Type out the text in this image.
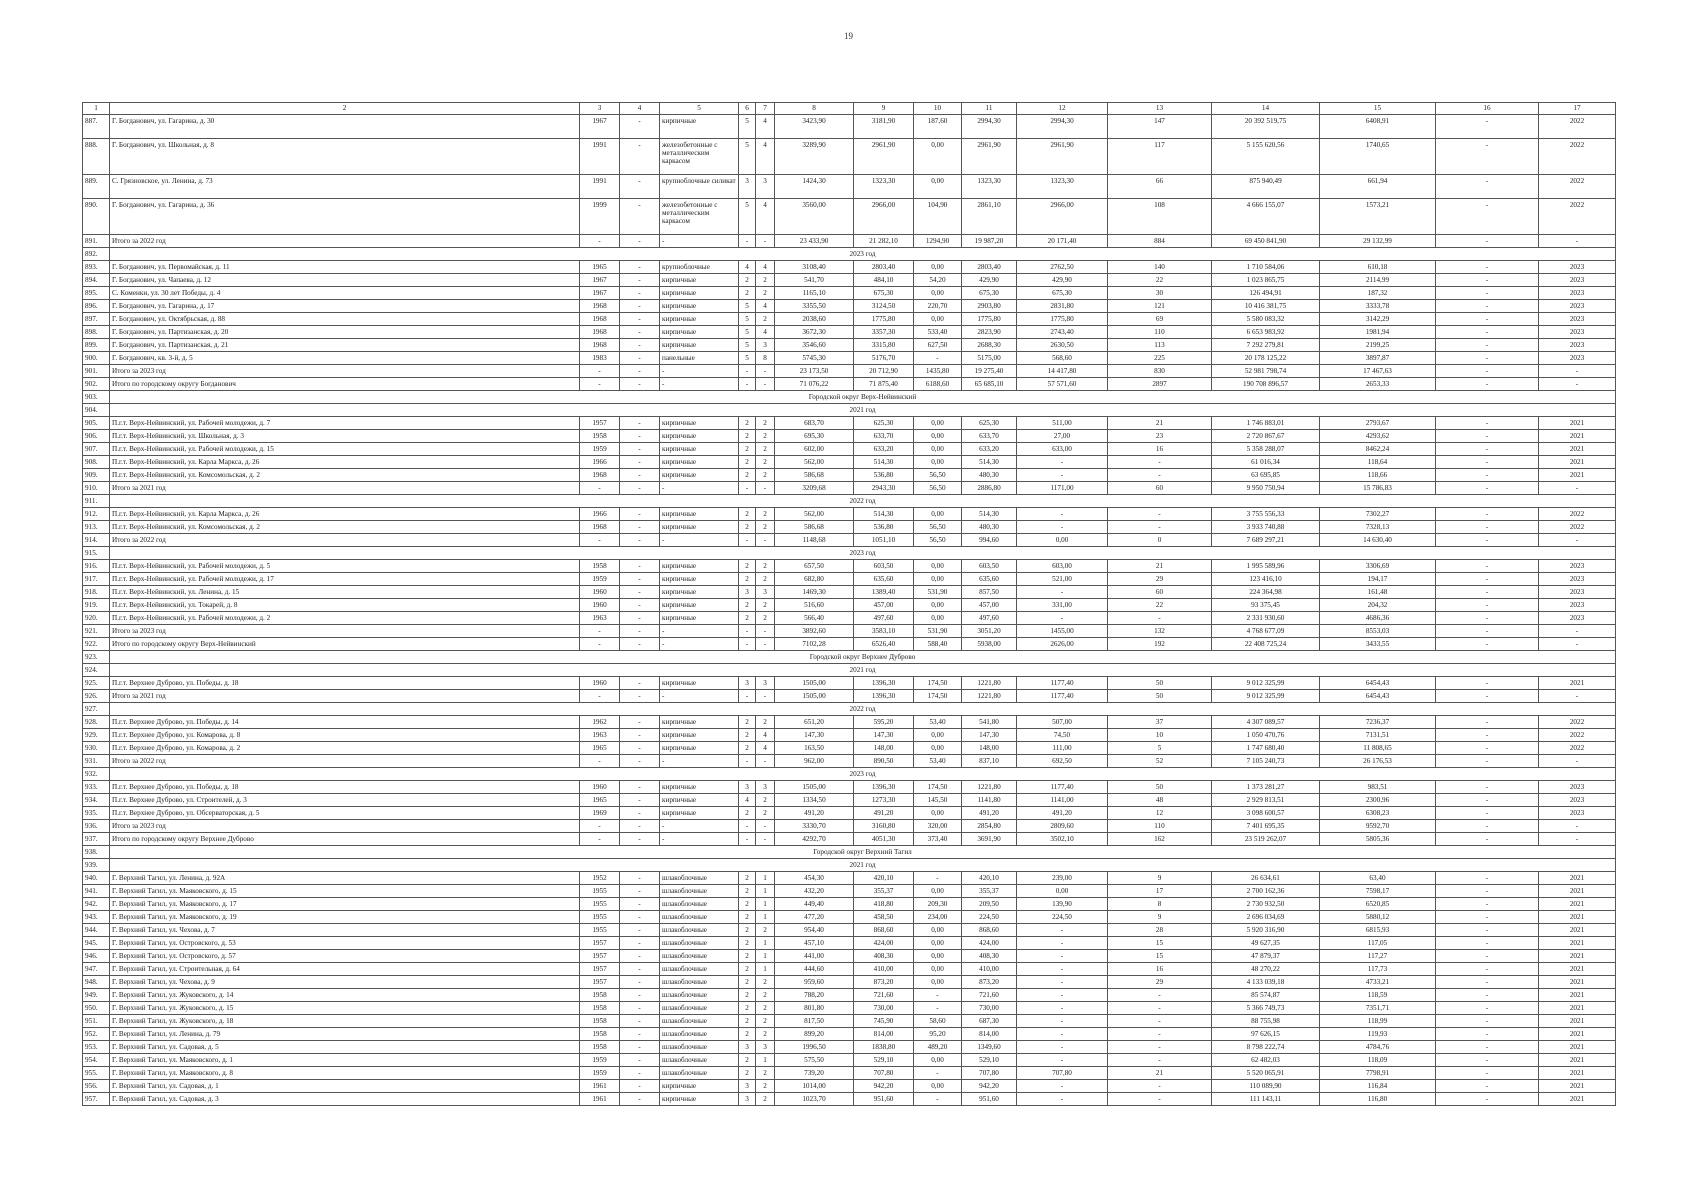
19
1	2	3	4	5	6	7	8	9	10	11	12	13	14	15	16	17
887.	Г. Богданович, ул. Гагарина, д. 30	1967	-	кирпичные	5	4	3423,90	3181,90	187,60	2994,30	2994,30	147	20 392 519,75	6408,91	-	2022
888.	Г. Богданович, ул. Школьная, д. 8	1991	-	железобетонные с металлическим каркасом	5	4	3289,90	2961,90	0,00	2961,90	2961,90	117	5 155 620,56	1740,65	-	2022
889.	С. Грязновское, ул. Ленина, д. 73	1991	-	крупноблочные силикат	3	3	1424,30	1323,30	0,00	1323,30	1323,30	66	875 940,49	661,94	-	2022
890.	Г. Богданович, ул. Гагарина, д. 36	1999	-	железобетонные с металлическим каркасом	5	4	3560,00	2966,00	104,90	2861,10	2966,00	108	4 666 155,07	1573,21	-	2022
891.	Итого за 2022 год	-	-	-	-	-	23 433,90	21 282,10	1294,90	19 987,20	20 171,40	884	69 450 841,90	29 132,99	-	-
892.	2023 год															
893.	Г. Богданович, ул. Первомайская, д. 11	1965	-	крупноблочные	4	4	3108,40	2803,40	0,00	2803,40	2762,50	140	1 710 584,06	610,18	-	2023
894.	Г. Богданович, ул. Чапаева, д. 12	1967	-	кирпичные	2	2	541,70	484,10	54,20	429,90	429,90	22	1 023 865,75	2114,99	-	2023
895.	С. Коменки, ул. 30 лет Победы, д. 4	1967	-	кирпичные	2	2	1165,10	675,30	0,00	675,30	675,30	30	126 494,91	187,32	-	2023
896.	Г. Богданович, ул. Гагарина, д. 17	1968	-	кирпичные	5	4	3355,50	3124,50	220,70	2903,80	2831,80	121	10 416 381,75	3333,78	-	2023
897.	Г. Богданович, ул. Октябрьская, д. 88	1968	-	кирпичные	5	2	2038,60	1775,80	0,00	1775,80	1775,80	69	5 580 083,32	3142,29	-	2023
898.	Г. Богданович, ул. Партизанская, д. 20	1968	-	кирпичные	5	4	3672,30	3357,30	533,40	2823,90	2743,40	110	6 653 983,92	1981,94	-	2023
899.	Г. Богданович, ул. Партизанская, д. 21	1968	-	кирпичные	5	3	3546,60	3315,80	627,50	2688,30	2630,50	113	7 292 279,81	2199,25	-	2023
900.	Г. Богданович, кв. 3-й, д. 5	1983	-	панельные	5	8	5745,30	5176,70	-	5175,00	568,60	225	20 178 125,22	3897,87	-	2023
901.	Итого за 2023 год	-	-	-	-	-	23 173,50	20 712,90	1435,80	19 275,40	14 417,80	830	52 981 798,74	17 467,63	-	-
902.	Итого по городскому округу Богданович	-	-	-	-	-	71 076,22	71 875,40	6188,60	65 685,10	57 571,60	2897	190 708 896,57	2653,33	-	-
903.	Городской округ Верх-Нейвинский															
904.	2021 год															
905.	П.г.т. Верх-Нейвинский, ул. Рабочей молодежи, д. 7	1957	-	кирпичные	2	2	683,70	625,30	0,00	625,30	511,00	21	1 746 883,01	2793,67	-	2021
906.	П.г.т. Верх-Нейвинский, ул. Школьная, д. 3	1958	-	кирпичные	2	2	695,30	633,70	0,00	633,70	27,00	23	2 720 867,67	4293,62	-	2021
907.	П.г.т. Верх-Нейвинский, ул. Рабочей молодежи, д. 15	1959	-	кирпичные	2	2	602,00	633,20	0,00	633,20	633,00	16	5 358 288,07	8462,24	-	2021
908.	П.г.т. Верх-Нейвинский, ул. Карла Маркса, д. 26	1966	-	кирпичные	2	2	562,00	514,30	0,00	514,30	-	-	61 016,34	118,64	-	2021
909.	П.г.т. Верх-Нейвинский, ул. Комсомольская, д. 2	1968	-	кирпичные	2	2	586,68	536,80	56,50	480,30	-	-	63 695,85	118,66	-	2021
910.	Итого за 2021 год	-	-	-	-	-	3209,68	2943,30	56,50	2886,80	1171,00	60	9 950 750,94	15 786,83	-	-
911.	2022 год															
912.	П.г.т. Верх-Нейвинский, ул. Карла Маркса, д. 26	1966	-	кирпичные	2	2	562,00	514,30	0,00	514,30	-	-	3 755 556,33	7302,27	-	2022
913.	П.г.т. Верх-Нейвинский, ул. Комсомольская, д. 2	1968	-	кирпичные	2	2	586,68	536,80	56,50	480,30	-	-	3 933 740,88	7328,13	-	2022
914.	Итого за 2022 год	-	-	-	-	-	1148,68	1051,10	56,50	994,60	0,00	0	7 689 297,21	14 630,40	-	-
915.	2023 год															
916.	П.г.т. Верх-Нейвинский, ул. Рабочей молодежи, д. 5	1958	-	кирпичные	2	2	657,50	603,50	0,00	603,50	603,00	21	1 995 589,96	3306,69	-	2023
917.	П.г.т. Верх-Нейвинский, ул. Рабочей молодежи, д. 17	1959	-	кирпичные	2	2	682,80	635,60	0,00	635,60	521,00	29	123 416,10	194,17	-	2023
918.	П.г.т. Верх-Нейвинский, ул. Ленина, д. 15	1960	-	кирпичные	3	3	1469,30	1389,40	531,90	857,50	-	60	224 364,98	161,48	-	2023
919.	П.г.т. Верх-Нейвинский, ул. Токарей, д. 8	1960	-	кирпичные	2	2	516,60	457,00	0,00	457,00	331,00	22	93 375,45	204,32	-	2023
920.	П.г.т. Верх-Нейвинский, ул. Рабочей молодежи, д. 2	1963	-	кирпичные	2	2	566,40	497,60	0,00	497,60	-	-	2 331 930,60	4686,36	-	2023
921.	Итого за 2023 год	-	-	-	-	-	3892,60	3583,10	531,90	3051,20	1455,00	132	4 768 677,09	8553,03	-	-
922.	Итого по городскому округу Верх-Нейвинский	-	-	-	-	-	7102,28	6526,40	588,40	5938,00	2626,00	192	22 408 725,24	3433,55	-	-
923.	Городской округ Верхнее Дуброво															
924.	2021 год															
925.	П.г.т. Верхнее Дуброво, ул. Победы, д. 18	1960	-	кирпичные	3	3	1505,00	1396,30	174,50	1221,80	1177,40	50	9 012 325,99	6454,43	-	2021
926.	Итого за 2021 год	-	-	-	-	-	1505,00	1396,30	174,50	1221,80	1177,40	50	9 012 325,99	6454,43	-	-
927.	2022 год															
928.	П.г.т. Верхнее Дуброво, ул. Победы, д. 14	1962	-	кирпичные	2	2	651,20	595,20	53,40	541,80	507,00	37	4 307 089,57	7236,37	-	2022
929.	П.г.т. Верхнее Дуброво, ул. Комарова, д. 8	1963	-	кирпичные	2	4	147,30	147,30	0,00	147,30	74,50	10	1 050 470,76	7131,51	-	2022
930.	П.г.т. Верхнее Дуброво, ул. Комарова, д. 2	1965	-	кирпичные	2	4	163,50	148,00	0,00	148,00	111,00	5	1 747 680,40	11 808,65	-	2022
931.	Итого за 2022 год	-	-	-	-	-	962,00	890,50	53,40	837,10	692,50	52	7 105 240,73	26 176,53	-	-
932.	2023 год															
933.	П.г.т. Верхнее Дуброво, ул. Победы, д. 18	1960	-	кирпичные	3	3	1505,00	1396,30	174,50	1221,80	1177,40	50	1 373 281,27	983,51	-	2023
934.	П.г.т. Верхнее Дуброво, ул. Строителей, д. 3	1965	-	кирпичные	4	2	1334,50	1273,30	145,50	1141,80	1141,00	48	2 929 813,51	2300,96	-	2023
935.	П.г.т. Верхнее Дуброво, ул. Обсерваторская, д. 5	1969	-	кирпичные	2	2	491,20	491,20	0,00	491,20	491,20	12	3 098 600,57	6308,23	-	2023
936.	Итого за 2023 год	-	-	-	-	-	3330,70	3160,80	320,00	2854,80	2809,60	110	7 401 695,35	9592,70	-	-
937.	Итого по городскому округу Верхнее Дуброво	-	-	-	-	-	4292,70	4051,30	373,40	3691,90	3502,10	162	23 519 262,07	5805,36	-	-
938.	Городской округ Верхний Тагил															
939.	2021 год															
940.	Г. Верхний Тагил, ул. Ленина, д. 92А	1952	-	шлакоблочные	2	1	454,30	420,10	-	420,10	239,00	9	26 634,61	63,40	-	2021
941.	Г. Верхний Тагил, ул. Маяковского, д. 15	1955	-	шлакоблочные	2	1	432,20	355,37	0,00	355,37	0,00	17	2 700 162,36	7598,17	-	2021
942.	Г. Верхний Тагил, ул. Маяковского, д. 17	1955	-	шлакоблочные	2	1	449,40	418,80	209,30	209,50	139,90	8	2 730 932,50	6520,85	-	2021
943.	Г. Верхний Тагил, ул. Маяковского, д. 19	1955	-	шлакоблочные	2	1	477,20	458,50	234,00	224,50	224,50	9	2 696 034,69	5880,12	-	2021
944.	Г. Верхний Тагил, ул. Чехова, д. 7	1955	-	шлакоблочные	2	2	954,40	868,60	0,00	868,60	-	28	5 920 316,90	6815,93	-	2021
945.	Г. Верхний Тагил, ул. Островского, д. 53	1957	-	шлакоблочные	2	1	457,10	424,00	0,00	424,00	-	15	49 627,35	117,05	-	2021
946.	Г. Верхний Тагил, ул. Островского, д. 57	1957	-	шлакоблочные	2	1	441,00	408,30	0,00	408,30	-	15	47 879,37	117,27	-	2021
947.	Г. Верхний Тагил, ул. Строительная, д. 64	1957	-	шлакоблочные	2	1	444,60	410,00	0,00	410,00	-	16	48 270,22	117,73	-	2021
948.	Г. Верхний Тагил, ул. Чехова, д. 9	1957	-	шлакоблочные	2	2	959,60	873,20	0,00	873,20	-	29	4 133 039,18	4733,21	-	2021
949.	Г. Верхний Тагил, ул. Жуковского, д. 14	1958	-	шлакоблочные	2	2	788,20	721,60	-	721,60	-	-	85 574,87	118,59	-	2021
950.	Г. Верхний Тагил, ул. Жуковского, д. 15	1958	-	шлакоблочные	2	2	801,80	730,00	-	730,00	-	-	5 366 749,73	7351,71	-	2021
951.	Г. Верхний Тагил, ул. Жуковского, д. 18	1958	-	шлакоблочные	2	2	817,50	745,90	58,60	687,30	-	-	88 755,98	118,99	-	2021
952.	Г. Верхний Тагил, ул. Ленина, д. 79	1958	-	шлакоблочные	2	2	899,20	814,00	95,20	814,00	-	-	97 626,15	119,93	-	2021
953.	Г. Верхний Тагил, ул. Садовая, д. 5	1958	-	шлакоблочные	3	3	1996,50	1838,80	489,20	1349,60	-	-	8 798 222,74	4784,76	-	2021
954.	Г. Верхний Тагил, ул. Маяковского, д. 1	1959	-	шлакоблочные	2	1	575,50	529,10	0,00	529,10	-	-	62 482,03	118,09	-	2021
955.	Г. Верхний Тагил, ул. Маяковского, д. 8	1959	-	шлакоблочные	2	2	739,20	707,80	-	707,80	707,80	21	5 520 065,91	7798,91	-	2021
956.	Г. Верхний Тагил, ул. Садовая, д. 1	1961	-	кирпичные	3	2	1014,00	942,20	0,00	942,20	-	-	110 089,90	116,84	-	2021
957.	Г. Верхний Тагил, ул. Садовая, д. 3	1961	-	кирпичные	3	2	1023,70	951,60	-	951,60	-	-	111 143,11	116,80	-	2021
